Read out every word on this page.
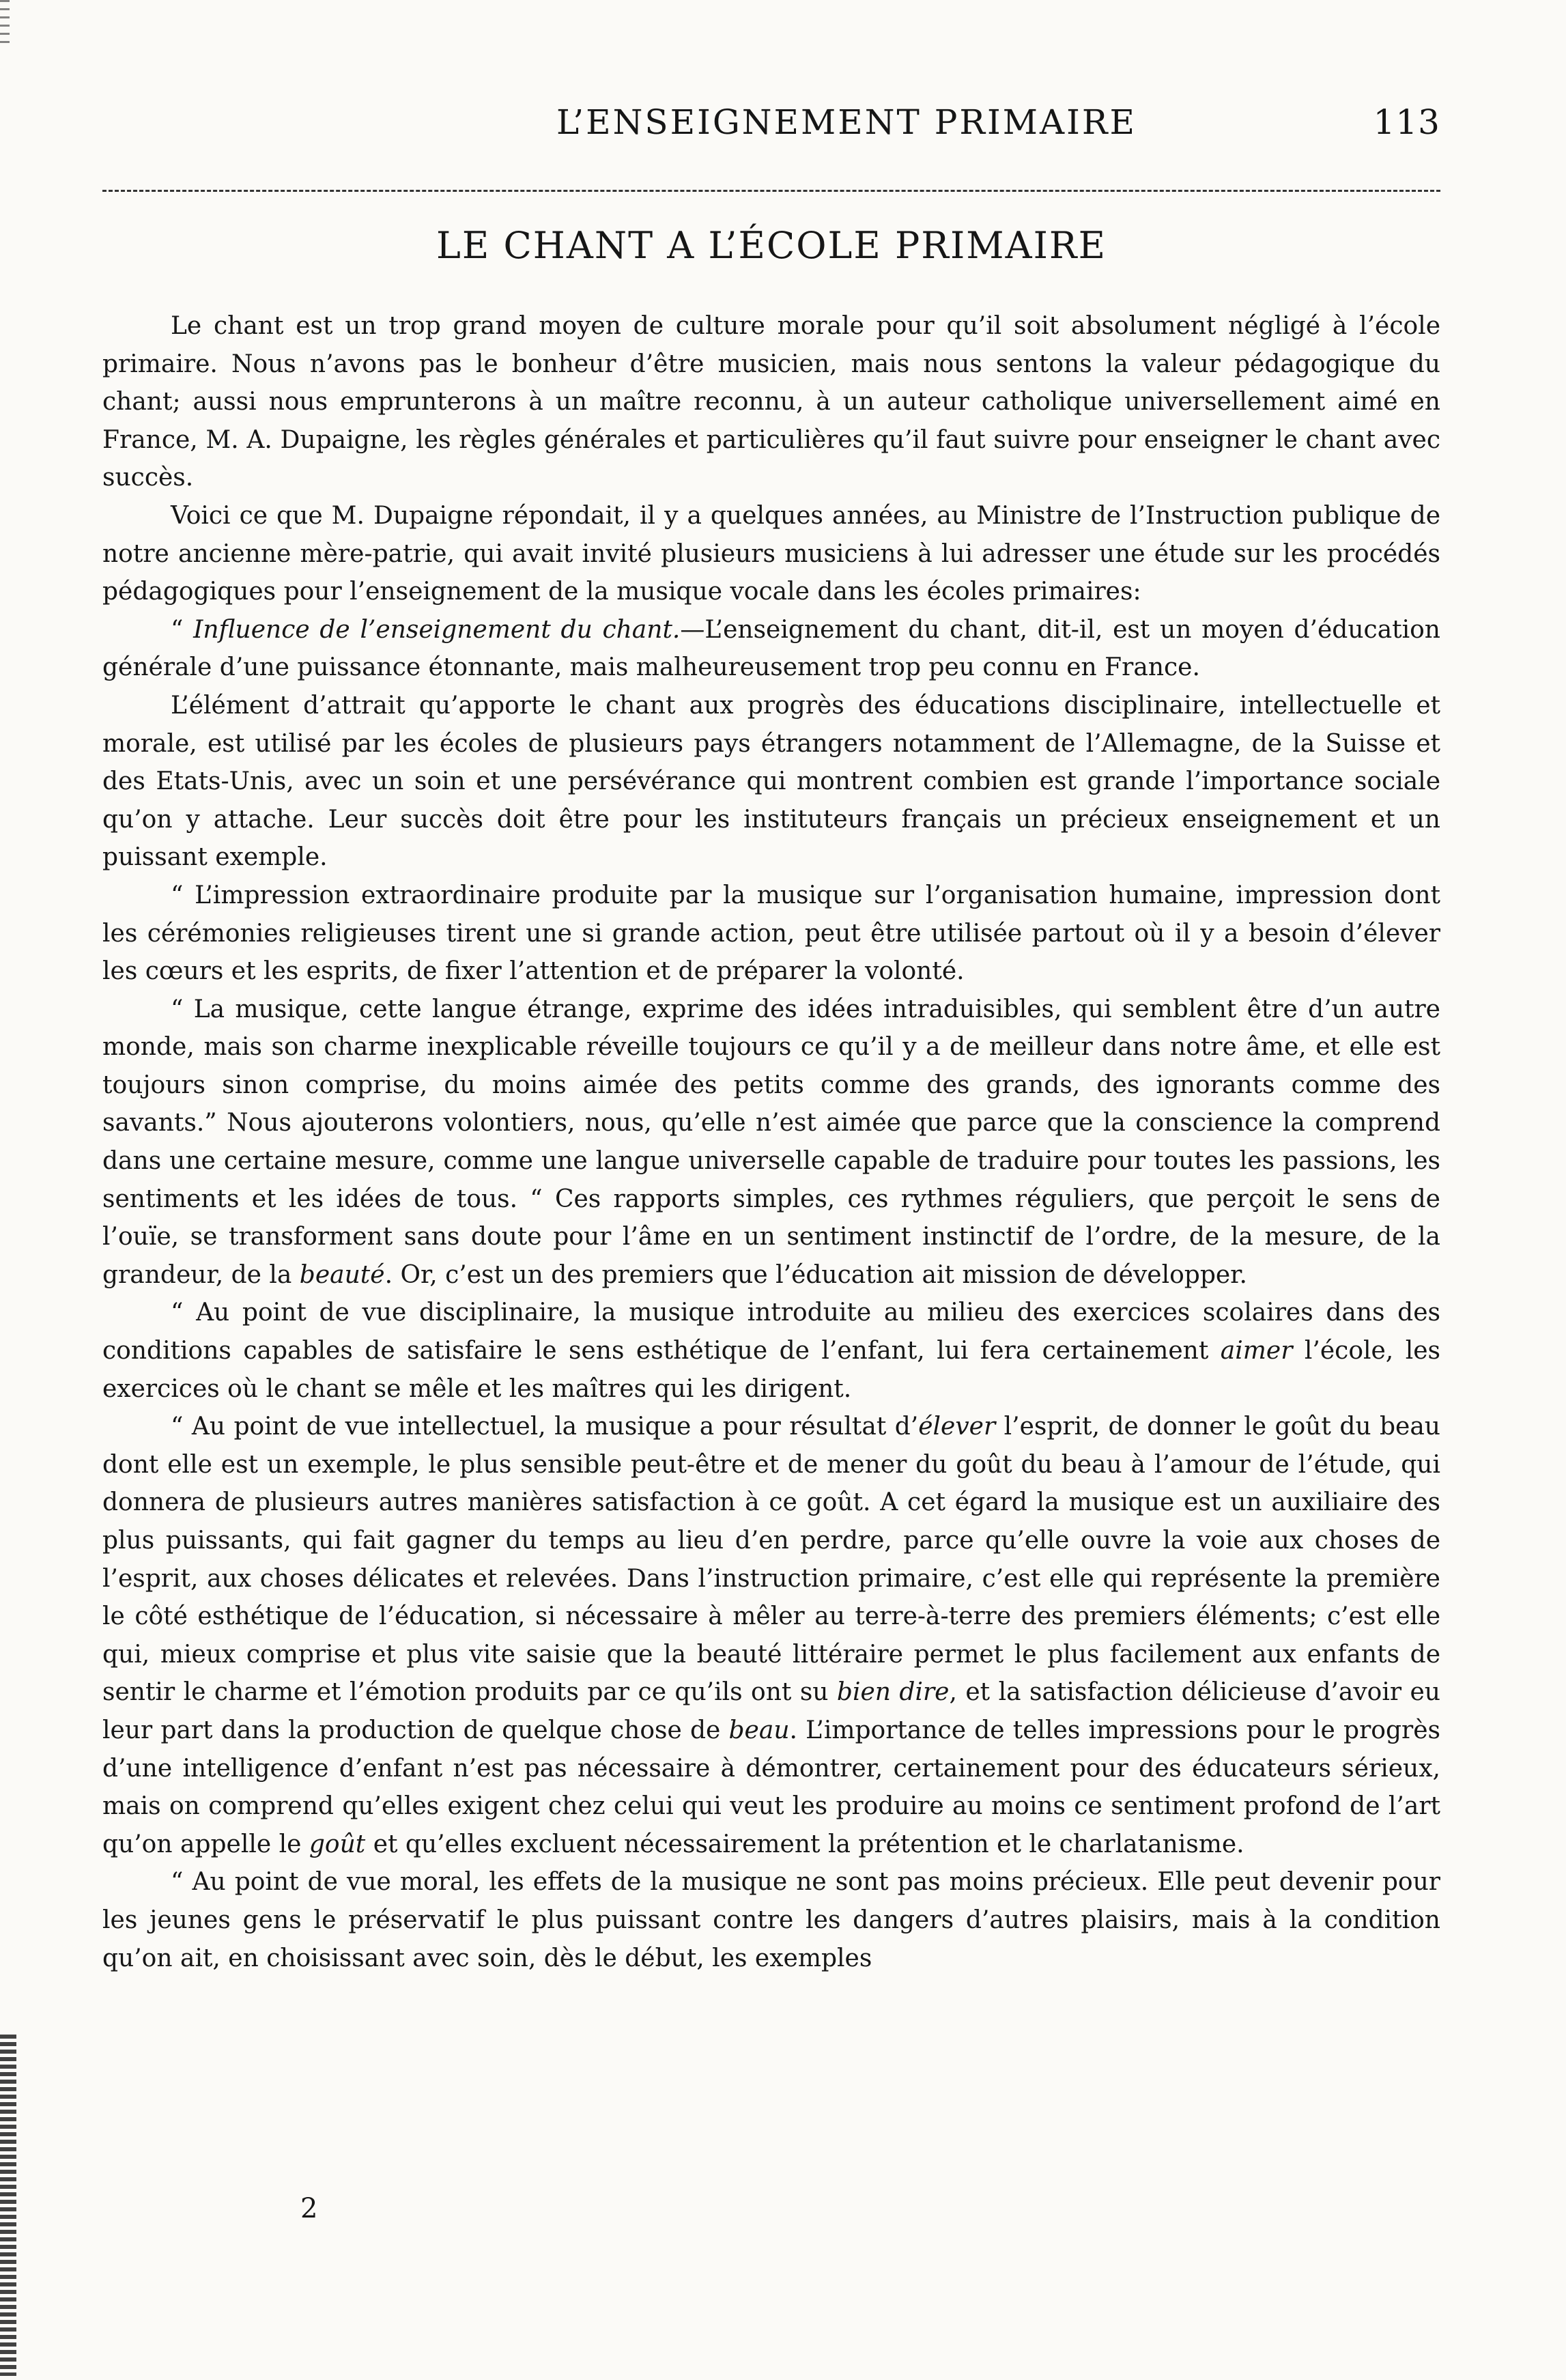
L’ENSEIGNEMENT PRIMAIRE	113
LE CHANT A L’ÉCOLE PRIMAIRE

Le chant est un trop grand moyen de culture morale pour qu’il soit absolument négligé à l’école primaire. Nous n’avons pas le bonheur d’être musicien, mais nous sentons la valeur pédagogique du chant; aussi nous emprunterons à un maître reconnu, à un auteur catholique universellement aimé en France, M. A. Dupaigne, les règles générales et particulières qu’il faut suivre pour enseigner le chant avec succès.

Voici ce que M. Dupaigne répondait, il y a quelques années, au Ministre de l’Instruction publique de notre ancienne mère-patrie, qui avait invité plusieurs musiciens à lui adresser une étude sur les procédés pédagogiques pour l’enseignement de la musique vocale dans les écoles primaires:

“ Influence de l’enseignement du chant.—L’enseignement du chant, dit-il, est un moyen d’éducation générale d’une puissance étonnante, mais malheureusement trop peu connu en France.

L’élément d’attrait qu’apporte le chant aux progrès des éducations disciplinaire, intellectuelle et morale, est utilisé par les écoles de plusieurs pays étrangers notamment de l’Allemagne, de la Suisse et des Etats-Unis, avec un soin et une persévérance qui montrent combien est grande l’importance sociale qu’on y attache. Leur succès doit être pour les instituteurs français un précieux enseignement et un puissant exemple.

“ L’impression extraordinaire produite par la musique sur l’organisation humaine, impression dont les cérémonies religieuses tirent une si grande action, peut être utilisée partout où il y a besoin d’élever les cœurs et les esprits, de fixer l’attention et de préparer la volonté.

“ La musique, cette langue étrange, exprime des idées intraduisibles, qui semblent être d’un autre monde, mais son charme inexplicable réveille toujours ce qu’il y a de meilleur dans notre âme, et elle est toujours sinon comprise, du moins aimée des petits comme des grands, des ignorants comme des savants.” Nous ajouterons volontiers, nous, qu’elle n’est aimée que parce que la conscience la comprend dans une certaine mesure, comme une langue universelle capable de traduire pour toutes les passions, les sentiments et les idées de tous. “ Ces rapports simples, ces rythmes réguliers, que perçoit le sens de l’ouïe, se transforment sans doute pour l’âme en un sentiment instinctif de l’ordre, de la mesure, de la grandeur, de la beauté. Or, c’est un des premiers que l’éducation ait mission de développer.

“ Au point de vue disciplinaire, la musique introduite au milieu des exercices scolaires dans des conditions capables de satisfaire le sens esthétique de l’enfant, lui fera certainement aimer l’école, les exercices où le chant se mêle et les maîtres qui les dirigent.

“ Au point de vue intellectuel, la musique a pour résultat d’élever l’esprit, de donner le goût du beau dont elle est un exemple, le plus sensible peut-être et de mener du goût du beau à l’amour de l’étude, qui donnera de plusieurs autres manières satisfaction à ce goût. A cet égard la musique est un auxiliaire des plus puissants, qui fait gagner du temps au lieu d’en perdre, parce qu’elle ouvre la voie aux choses de l’esprit, aux choses délicates et relevées. Dans l’instruction primaire, c’est elle qui représente la première le côté esthétique de l’éducation, si nécessaire à mêler au terre-à-terre des premiers éléments; c’est elle qui, mieux comprise et plus vite saisie que la beauté littéraire permet le plus facilement aux enfants de sentir le charme et l’émotion produits par ce qu’ils ont su bien dire, et la satisfaction délicieuse d’avoir eu leur part dans la production de quelque chose de beau. L’importance de telles impressions pour le progrès d’une intelligence d’enfant n’est pas nécessaire à démontrer, certainement pour des éducateurs sérieux, mais on comprend qu’elles exigent chez celui qui veut les produire au moins ce sentiment profond de l’art qu’on appelle le goût et qu’elles excluent nécessairement la prétention et le charlatanisme.

“ Au point de vue moral, les effets de la musique ne sont pas moins précieux. Elle peut devenir pour les jeunes gens le préservatif le plus puissant contre les dangers d’autres plaisirs, mais à la condition qu’on ait, en choisissant avec soin, dès le début, les exemples

2
